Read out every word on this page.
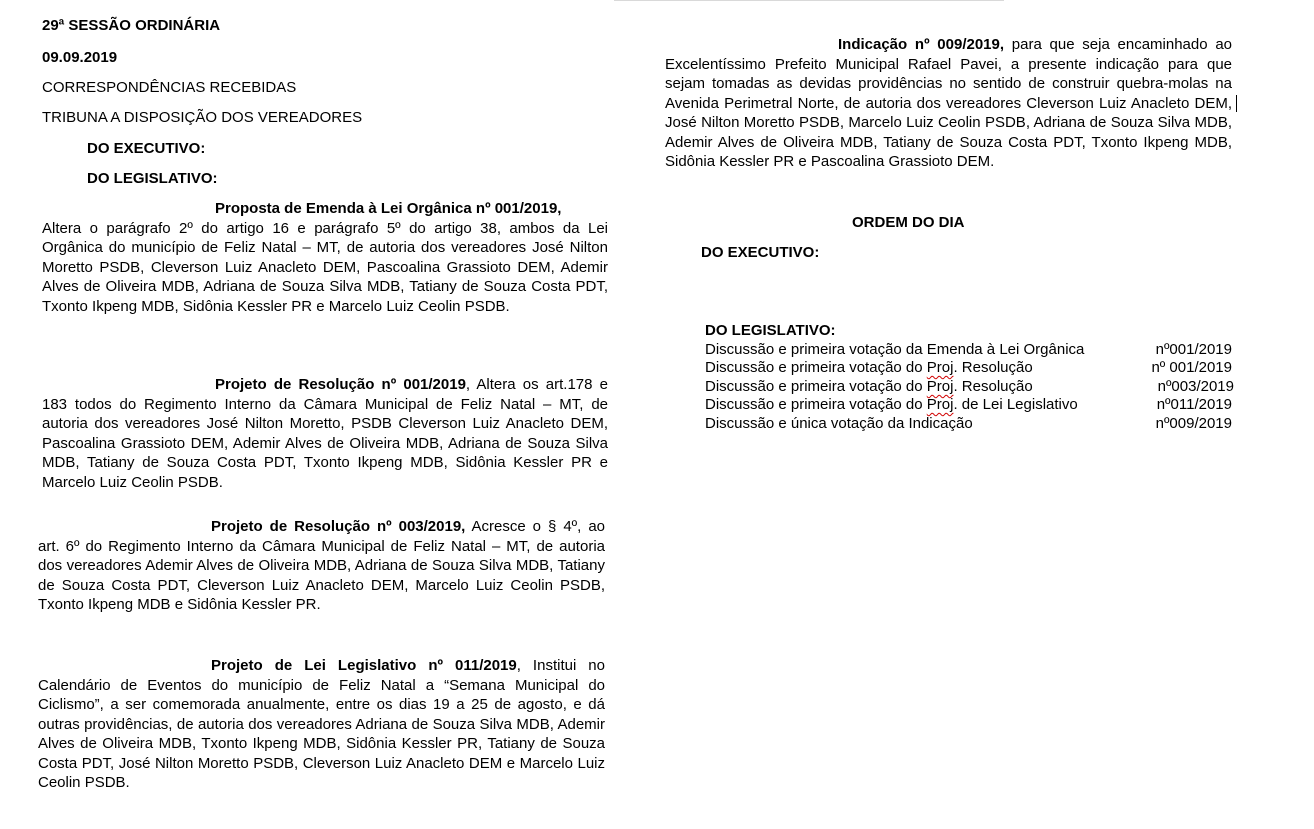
29ª SESSÃO ORDINÁRIA
09.09.2019
CORRESPONDÊNCIAS RECEBIDAS
TRIBUNA A DISPOSIÇÃO DOS VEREADORES
DO EXECUTIVO:
DO LEGISLATIVO:

Proposta de Emenda à Lei Orgânica nº 001/2019,
Altera o parágrafo 2º do artigo 16 e parágrafo 5º do artigo 38, ambos da Lei Orgânica do município de Feliz Natal – MT, de autoria dos vereadores José Nilton Moretto PSDB, Cleverson Luiz Anacleto DEM, Pascoalina Grassioto DEM, Ademir Alves de Oliveira MDB, Adriana de Souza Silva MDB, Tatiany de Souza Costa PDT, Txonto Ikpeng MDB, Sidônia Kessler PR e Marcelo Luiz Ceolin PSDB.

Projeto de Resolução nº 001/2019, Altera os art.178 e 183 todos do Regimento Interno da Câmara Municipal de Feliz Natal – MT, de autoria dos vereadores José Nilton Moretto, PSDB Cleverson Luiz Anacleto DEM, Pascoalina Grassioto DEM, Ademir Alves de Oliveira MDB, Adriana de Souza Silva MDB, Tatiany de Souza Costa PDT, Txonto Ikpeng MDB, Sidônia Kessler PR e Marcelo Luiz Ceolin PSDB.

Projeto de Resolução nº 003/2019, Acresce o § 4º, ao art. 6º do Regimento Interno da Câmara Municipal de Feliz Natal – MT, de autoria dos vereadores Ademir Alves de Oliveira MDB, Adriana de Souza Silva MDB, Tatiany de Souza Costa PDT, Cleverson Luiz Anacleto DEM, Marcelo Luiz Ceolin PSDB, Txonto Ikpeng MDB e Sidônia Kessler PR.

Projeto de Lei Legislativo nº 011/2019, Institui no Calendário de Eventos do município de Feliz Natal a “Semana Municipal do Ciclismo”, a ser comemorada anualmente, entre os dias 19 a 25 de agosto, e dá outras providências, de autoria dos vereadores Adriana de Souza Silva MDB, Ademir Alves de Oliveira MDB, Txonto Ikpeng MDB, Sidônia Kessler PR, Tatiany de Souza Costa PDT, José Nilton Moretto PSDB, Cleverson Luiz Anacleto DEM e Marcelo Luiz Ceolin PSDB.

Indicação nº 009/2019, para que seja encaminhado ao Excelentíssimo Prefeito Municipal Rafael Pavei, a presente indicação para que sejam tomadas as devidas providências no sentido de construir quebra-molas na Avenida Perimetral Norte, de autoria dos vereadores Cleverson Luiz Anacleto DEM, José Nilton Moretto PSDB, Marcelo Luiz Ceolin PSDB, Adriana de Souza Silva MDB, Ademir Alves de Oliveira MDB, Tatiany de Souza Costa PDT, Txonto Ikpeng MDB, Sidônia Kessler PR e Pascoalina Grassioto DEM.

ORDEM DO DIA
DO EXECUTIVO:
DO LEGISLATIVO:
Discussão e primeira votação da Emenda à Lei Orgânica	nº001/2019
Discussão e primeira votação do Proj. Resolução	nº 001/2019
Discussão e primeira votação do Proj. Resolução	nº003/2019
Discussão e primeira votação do Proj. de Lei Legislativo	nº011/2019
Discussão e única votação da Indicação	nº009/2019
